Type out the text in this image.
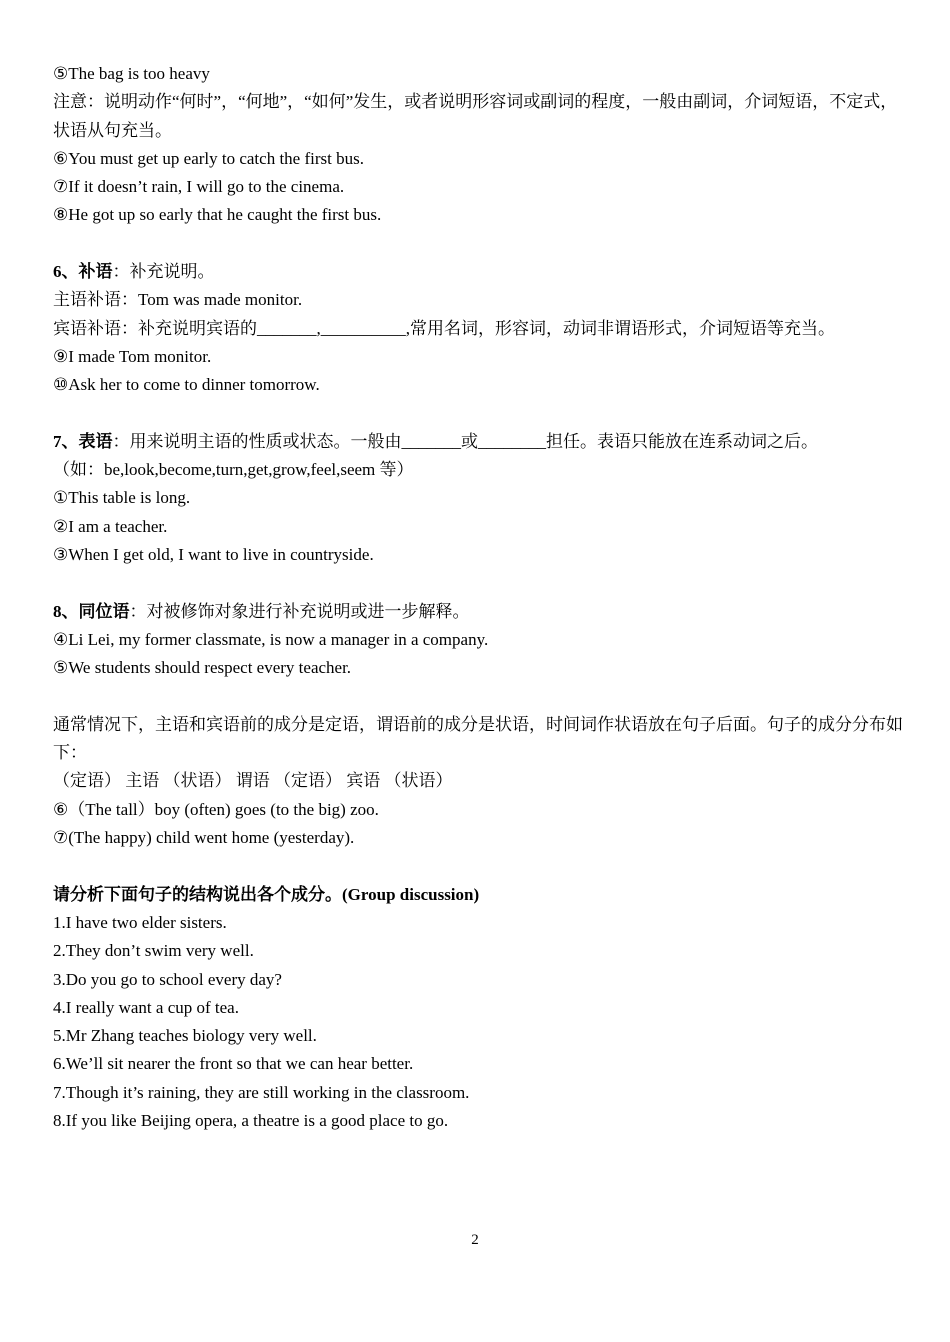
⑤The bag is too heavy
注意：说明动作“何时”，“何地”，“如何”发生，或者说明形容词或副词的程度，一般由副词，介词短语，不定式，状语从句充当。
⑥You must get up early to catch the first bus.
⑦If it doesn’t rain, I will go to the cinema.
⑧He got up so early that he caught the first bus.
6、补语：补充说明。
主语补语：Tom was made monitor.
宾语补语：补充说明宾语的_______,__________,常用名词，形容词，动词非谓语形式，介词短语等充当。
⑨I made Tom monitor.
⑩Ask her to come to dinner tomorrow.
7、表语：用来说明主语的性质或状态。一般由_______或________担任。表语只能放在连系动词之后。
（如：be,look,become,turn,get,grow,feel,seem 等）
①This table is long.
②I am a teacher.
③When I get old, I want to live in countryside.
8、同位语：对被修饰对象进行补充说明或进一步解释。
④Li Lei, my former classmate, is now a manager in a company.
⑤We students should respect every teacher.
通常情况下，主语和宾语前的成分是定语，谓语前的成分是状语，时间词作状语放在句子后面。句子的成分分布如下：
（定语） 主语 （状语） 谓语 （定语） 宾语 （状语）
⑥（The tall）boy (often) goes (to the big) zoo.
⑦(The happy) child went home (yesterday).
请分析下面句子的结构说出各个成分。(Group discussion)
1.I have two elder sisters.
2.They don’t swim very well.
3.Do you go to school every day?
4.I really want a cup of tea.
5.Mr Zhang teaches biology very well.
6.We’ll sit nearer the front so that we can hear better.
7.Though it’s raining, they are still working in the classroom.
8.If you like Beijing opera, a theatre is a good place to go.
2
